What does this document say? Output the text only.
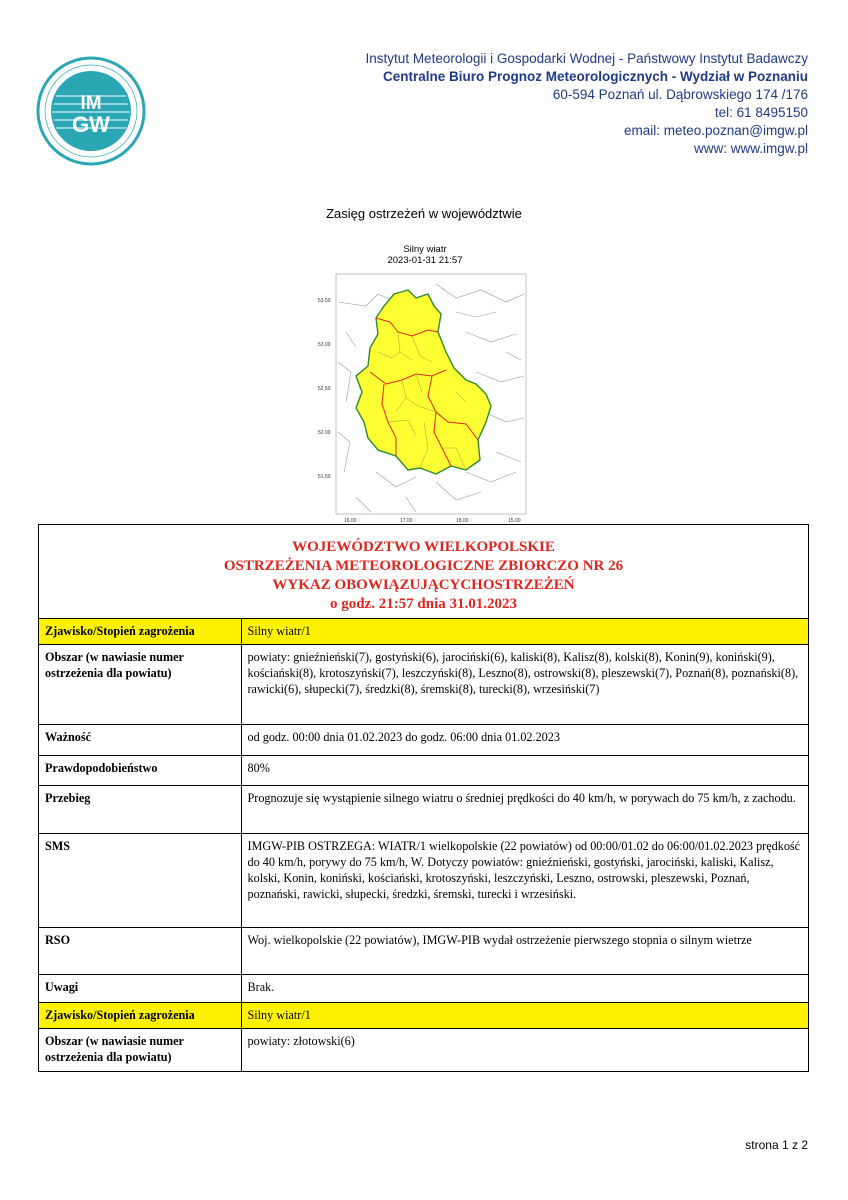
IM
GW
Instytut Meteorologii i Gospodarki Wodnej - Państwowy Instytut Badawczy
Centralne Biuro Prognoz Meteorologicznych - Wydział w Poznaniu
60-594 Poznań ul. Dąbrowskiego 174 /176
tel: 61 8495150
email: meteo.poznan@imgw.pl
www: www.imgw.pl
Zasięg ostrzeżeń w województwie
Silny wiatr
2023-01-31 21:57
53.50
53.00
52.50
52.00
51.50
16.00	17.00	18.00	15.00
WOJEWÓDZTWO WIELKOPOLSKIE
OSTRZEŻENIA METEOROLOGICZNE ZBIORCZO NR 26
WYKAZ OBOWIĄZUJĄCYCHOSTRZEŻEŃ
o godz. 21:57 dnia 31.01.2023
Zjawisko/Stopień zagrożenia	Silny wiatr/1
Obszar (w nawiasie numer ostrzeżenia dla powiatu)	powiaty: gnieźnieński(7), gostyński(6), jarociński(6), kaliski(8), Kalisz(8), kolski(8), Konin(9), koniński(9), kościański(8), krotoszyński(7), leszczyński(8), Leszno(8), ostrowski(8), pleszewski(7), Poznań(8), poznański(8), rawicki(6), słupecki(7), średzki(8), śremski(8), turecki(8), wrzesiński(7)
Ważność	od godz. 00:00 dnia 01.02.2023 do godz. 06:00 dnia 01.02.2023
Prawdopodobieństwo	80%
Przebieg	Prognozuje się wystąpienie silnego wiatru o średniej prędkości do 40 km/h, w porywach do 75 km/h, z zachodu.
SMS	IMGW-PIB OSTRZEGA: WIATR/1 wielkopolskie (22 powiatów) od 00:00/01.02 do 06:00/01.02.2023 prędkość do 40 km/h, porywy do 75 km/h, W. Dotyczy powiatów: gnieźnieński, gostyński, jarociński, kaliski, Kalisz, kolski, Konin, koniński, kościański, krotoszyński, leszczyński, Leszno, ostrowski, pleszewski, Poznań, poznański, rawicki, słupecki, średzki, śremski, turecki i wrzesiński.
RSO	Woj. wielkopolskie (22 powiatów), IMGW-PIB wydał ostrzeżenie pierwszego stopnia o silnym wietrze
Uwagi	Brak.
Zjawisko/Stopień zagrożenia	Silny wiatr/1
Obszar (w nawiasie numer ostrzeżenia dla powiatu)	powiaty: złotowski(6)
strona 1 z 2
